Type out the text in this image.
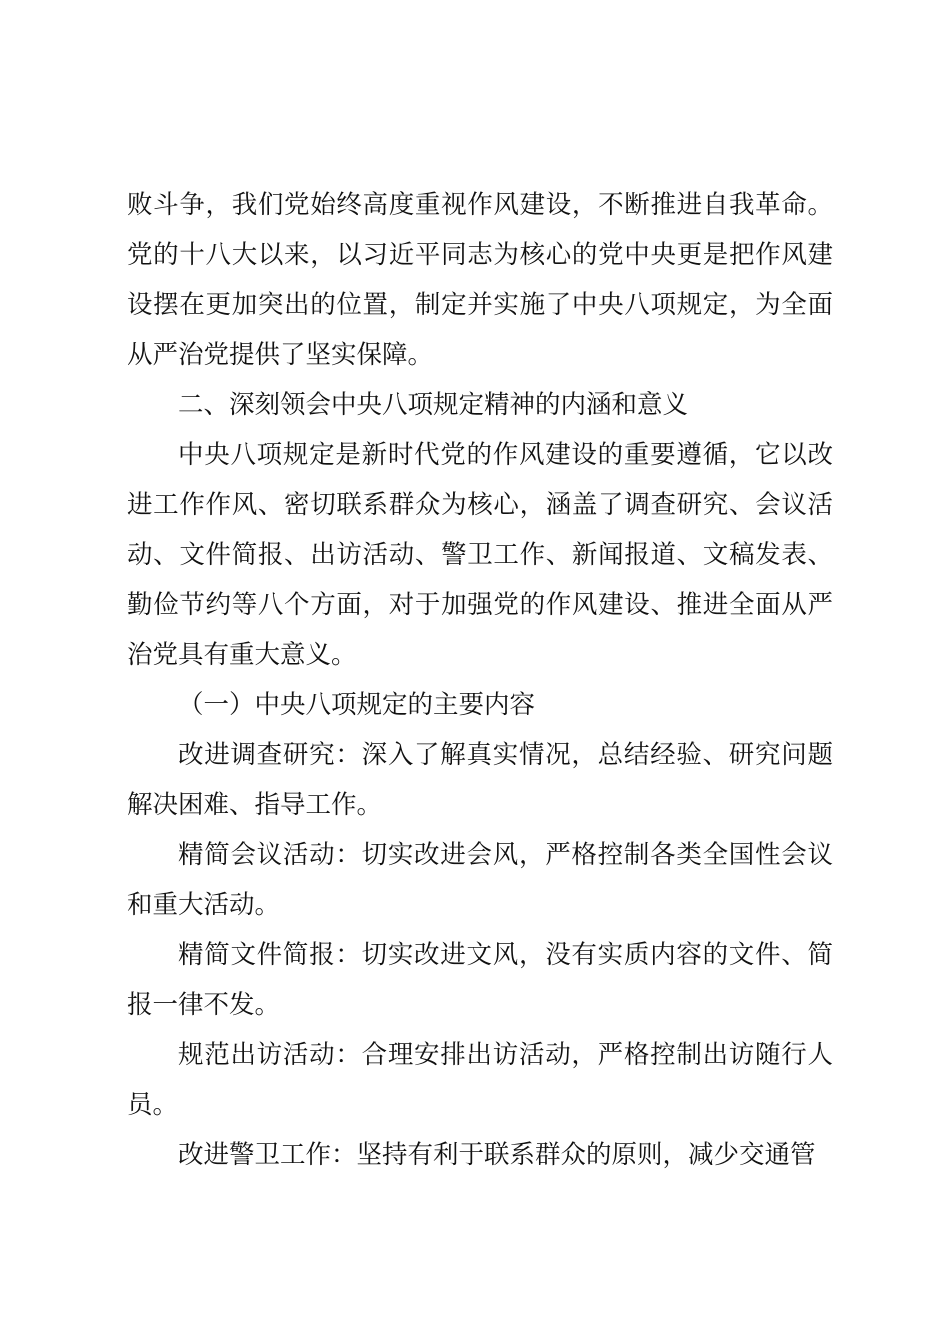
败斗争，我们党始终高度重视作风建设，不断推进自我革命。党的十八大以来，以习近平同志为核心的党中央更是把作风建设摆在更加突出的位置，制定并实施了中央八项规定，为全面从严治党提供了坚实保障。

二、深刻领会中央八项规定精神的内涵和意义

中央八项规定是新时代党的作风建设的重要遵循，它以改进工作作风、密切联系群众为核心，涵盖了调查研究、会议活动、文件简报、出访活动、警卫工作、新闻报道、文稿发表、勤俭节约等八个方面，对于加强党的作风建设、推进全面从严治党具有重大意义。

（一）中央八项规定的主要内容

改进调查研究：深入了解真实情况，总结经验、研究问题解决困难、指导工作。

精简会议活动：切实改进会风，严格控制各类全国性会议和重大活动。

精简文件简报：切实改进文风，没有实质内容的文件、简报一律不发。

规范出访活动：合理安排出访活动，严格控制出访随行人员。

改进警卫工作：坚持有利于联系群众的原则，减少交通管
